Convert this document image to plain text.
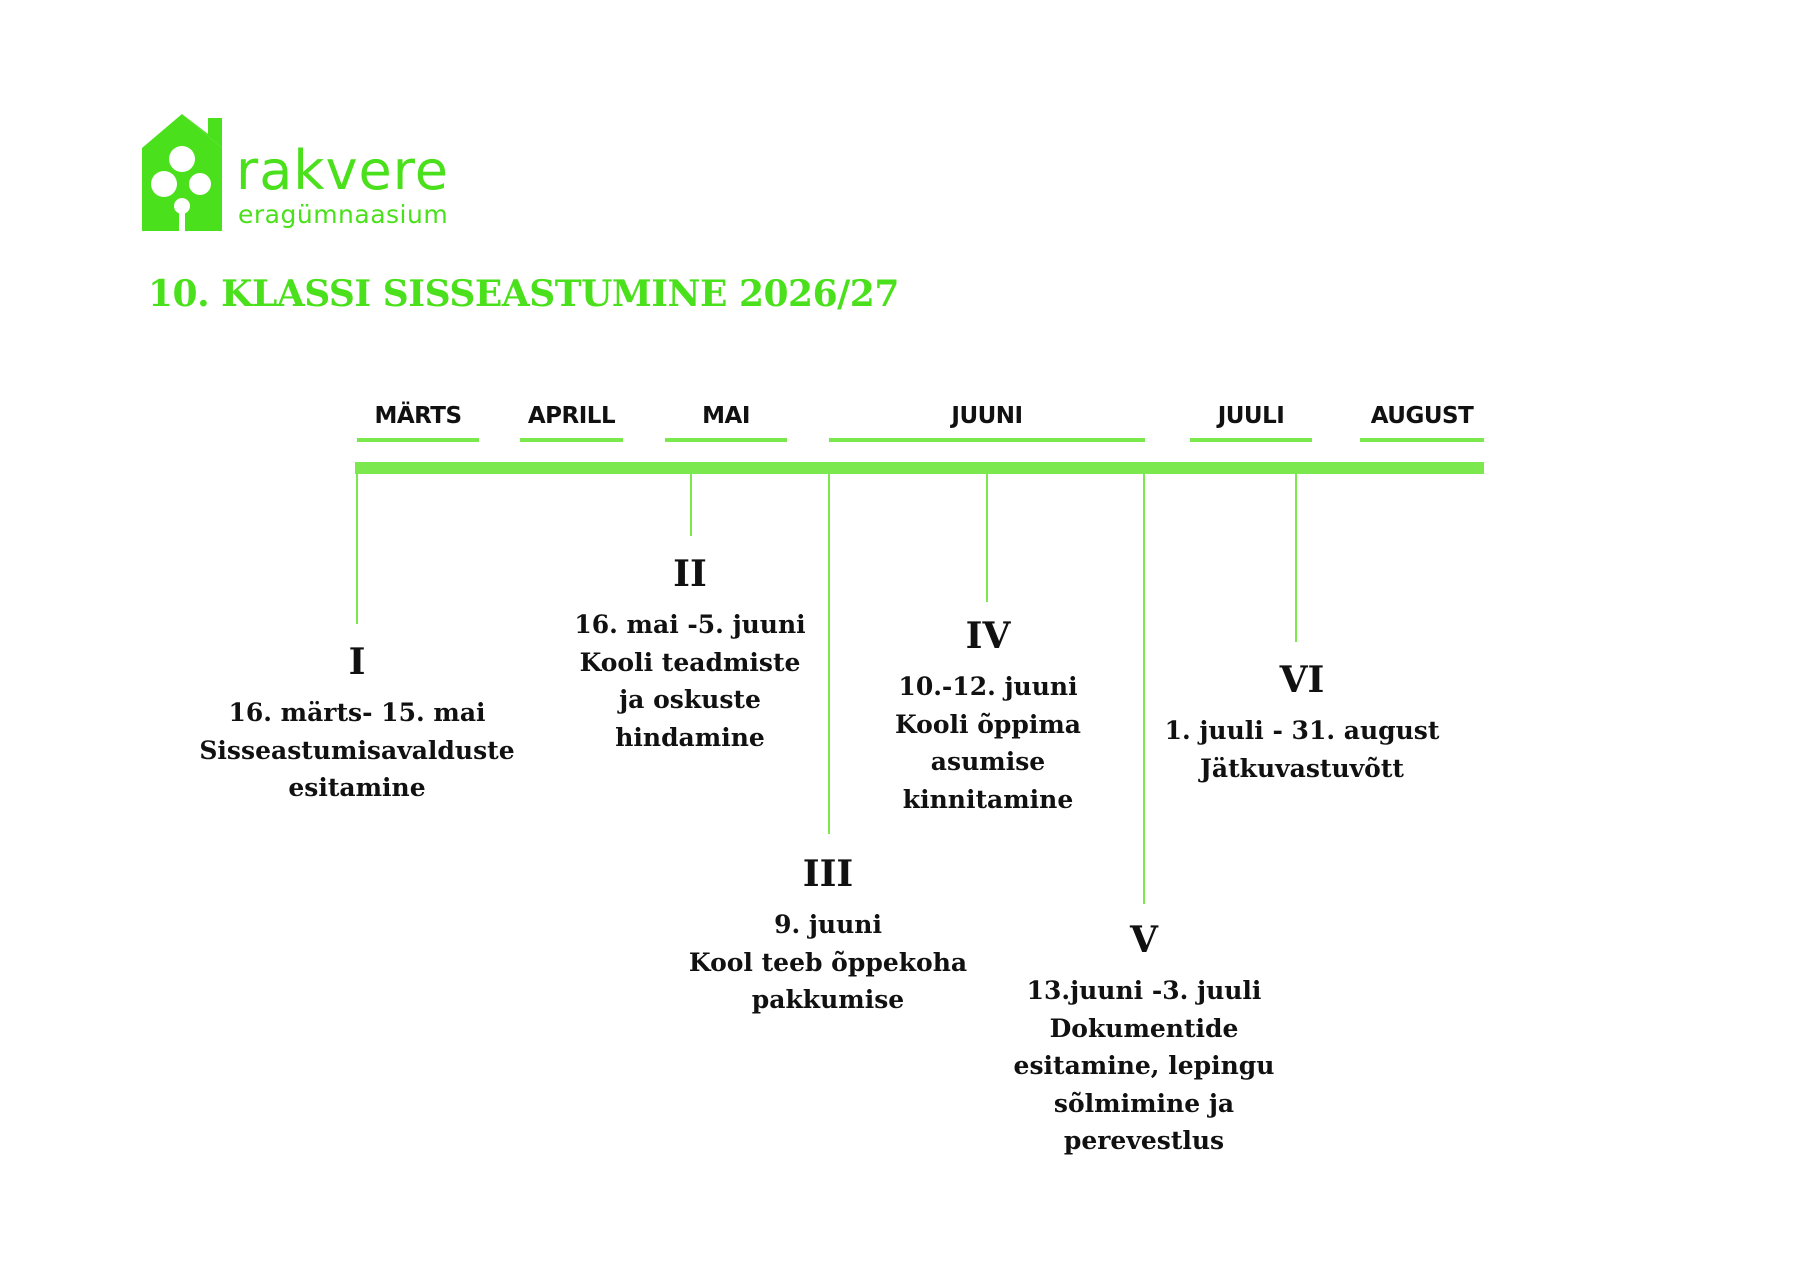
rakvere
eragümnaasium
10. KLASSI SISSEASTUMINE 2026/27
MÄRTS	APRILL	MAI	JUUNI	JUULI	AUGUST
I
16. märts- 15. mai
Sisseastumisavalduste
esitamine
II
16. mai -5. juuni
Kooli teadmiste
ja oskuste
hindamine
III
9. juuni
Kool teeb õppekoha
pakkumise
IV
10.-12. juuni
Kooli õppima
asumise
kinnitamine
V
13.juuni -3. juuli
Dokumentide
esitamine, lepingu
sõlmimine ja
perevestlus
VI
1. juuli - 31. august
Jätkuvastuvõtt
